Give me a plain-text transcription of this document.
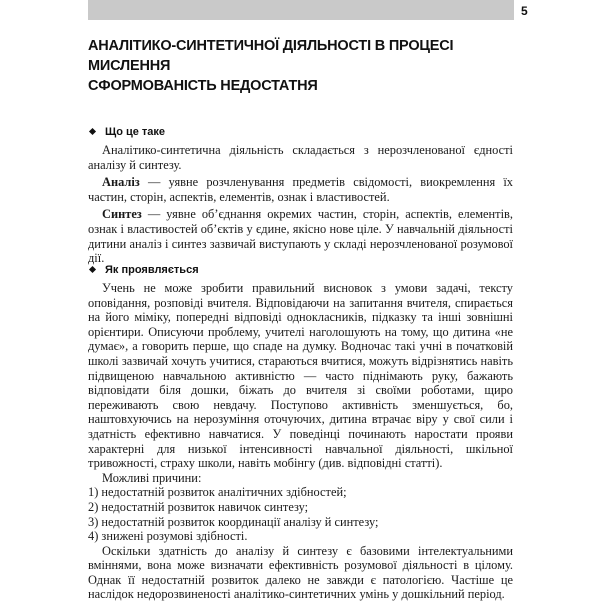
5
АНАЛІТИКО-СИНТЕТИЧНОЇ ДІЯЛЬНОСТІ В ПРОЦЕСІ МИСЛЕННЯ
СФОРМОВАНІСТЬ НЕДОСТАТНЯ
Що це таке

Аналітико-синтетична діяльність складається з нерозчленованої єдності аналізу й синтезу.

Аналіз — уявне розчленування предметів свідомості, виокремлення їх частин, сторін, аспектів, елементів, ознак і властивостей.

Синтез — уявне об’єднання окремих частин, сторін, аспектів, елементів, ознак і властивостей об’єктів у єдине, якісно нове ціле. У навчальній діяльності дитини аналіз і синтез зазвичай виступають у складі нерозчленованої розумової дії.

Як проявляється

Учень не може зробити правильний висновок з умови задачі, тексту оповідання, розповіді вчителя. Відповідаючи на запитання вчителя, спирається на його міміку, попередні відповіді однокласників, підказку та інші зовнішні орієнтири. Описуючи проблему, учителі наголошують на тому, що дитина «не думає», а говорить перше, що спаде на думку. Водночас такі учні в початковій школі зазвичай хочуть учитися, стараються вчитися, можуть відрізнятись навіть підвищеною навчальною активністю — часто піднімають руку, бажають відповідати біля дошки, біжать до вчителя зі своїми роботами, щиро переживають свою невдачу. Поступово активність зменшується, бо, наштовхуючись на нерозуміння оточуючих, дитина втрачає віру у свої сили і здатність ефективно навчатися. У поведінці починають наростати прояви характерні для низької інтенсивності навчальної діяльності, шкільної тривожності, страху школи, навіть мобінгу (див. відповідні статті).

Можливі причини:

1) недостатній розвиток аналітичних здібностей;
2) недостатній розвиток навичок синтезу;
3) недостатній розвиток координації аналізу й синтезу;
4) знижені розумові здібності.

Оскільки здатність до аналізу й синтезу є базовими інтелектуальними вміннями, вона може визначати ефективність розумової діяльності в цілому. Однак її недостатній розвиток далеко не завжди є патологією. Частіше це наслідок недорозвиненості аналітико-синтетичних умінь у дошкільний період.
